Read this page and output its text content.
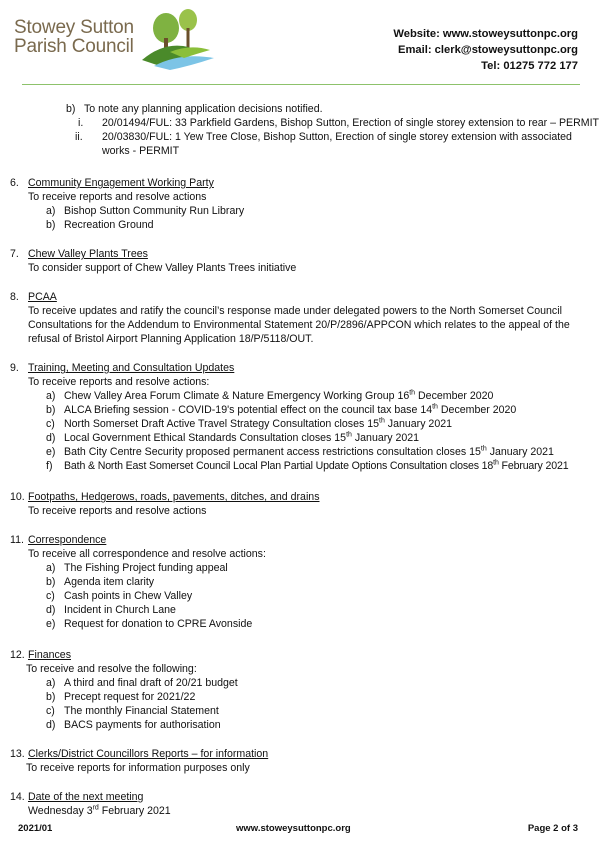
Stowey Sutton
Parish Council
Website: www.stoweysuttonpc.org
Email: clerk@stoweysuttonpc.org
Tel: 01275 772 177
b) To note any planning application decisions notified.
i. 20/01494/FUL: 33 Parkfield Gardens, Bishop Sutton, Erection of single storey extension to rear – PERMIT
ii. 20/03830/FUL: 1 Yew Tree Close, Bishop Sutton, Erection of single storey extension with associated
works - PERMIT
6. Community Engagement Working Party
To receive reports and resolve actions
a) Bishop Sutton Community Run Library
b) Recreation Ground
7. Chew Valley Plants Trees
To consider support of Chew Valley Plants Trees initiative
8. PCAA
To receive updates and ratify the council’s response made under delegated powers to the North Somerset Council
Consultations for the Addendum to Environmental Statement 20/P/2896/APPCON which relates to the appeal of the
refusal of Bristol Airport Planning Application 18/P/5118/OUT.
9. Training, Meeting and Consultation Updates
To receive reports and resolve actions:
a) Chew Valley Area Forum Climate & Nature Emergency Working Group 16th December 2020
b) ALCA Briefing session - COVID-19's potential effect on the council tax base 14th December 2020
c) North Somerset Draft Active Travel Strategy Consultation closes 15th January 2021
d) Local Government Ethical Standards Consultation closes 15th January 2021
e) Bath City Centre Security proposed permanent access restrictions consultation closes 15th January 2021
f) Bath & North East Somerset Council Local Plan Partial Update Options Consultation closes 18th February 2021
10. Footpaths, Hedgerows, roads, pavements, ditches, and drains
To receive reports and resolve actions
11. Correspondence
To receive all correspondence and resolve actions:
a) The Fishing Project funding appeal
b) Agenda item clarity
c) Cash points in Chew Valley
d) Incident in Church Lane
e) Request for donation to CPRE Avonside
12. Finances
To receive and resolve the following:
a) A third and final draft of 20/21 budget
b) Precept request for 2021/22
c) The monthly Financial Statement
d) BACS payments for authorisation
13. Clerks/District Councillors Reports – for information
To receive reports for information purposes only
14. Date of the next meeting
Wednesday 3rd February 2021
2021/01	www.stoweysuttonpc.org	Page 2 of 3
